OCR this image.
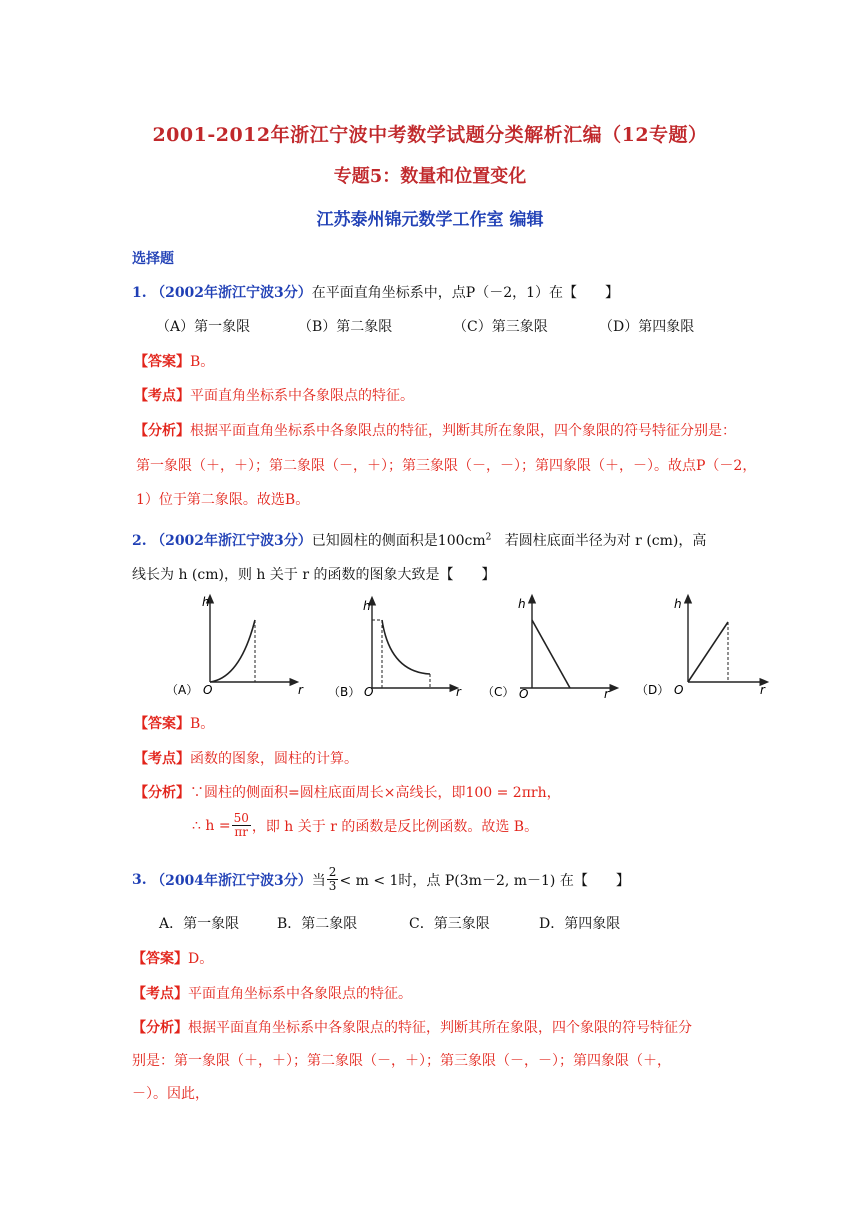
2001-2012年浙江宁波中考数学试题分类解析汇编（12专题）
专题5：数量和位置变化
江苏泰州锦元数学工作室 编辑
选择题
1. （2002年浙江宁波3分）在平面直角坐标系中，点P（－2，1）在【　　】
（A）第一象限	（B）第二象限	（C）第三象限	（D）第四象限
【答案】B。
【考点】平面直角坐标系中各象限点的特征。
【分析】根据平面直角坐标系中各象限点的特征，判断其所在象限，四个象限的符号特征分别是：
第一象限（＋，＋）；第二象限（－，＋）；第三象限（－，－）；第四象限（＋，－）。故点P（－2，
1）位于第二象限。故选B。
2. （2002年浙江宁波3分）已知圆柱的侧面积是$100cm^2$ 若圆柱底面半径为对 r (cm)，高
线长为 h (cm)，则 h 关于 r 的函数的图象大致是【　　】
h
r
O
（A）
h
r
O
（B）
h
r
O
（C）
h
r
O
（D）
【答案】B。
【考点】函数的图象，圆柱的计算。
【分析】∵圆柱的侧面积=圆柱底面周长×高线长，即100 = 2πrh，
∴ $h = \frac{50}{\pi r}$ ，即 h 关于 r 的函数是反比例函数。故选 B。
3.
（2004年浙江宁波3分） 当 $\frac{2}{3} < m < 1$时，点 P(3m－2, m－1) 在【　　】
A．第一象限	B．第二象限	C．第三象限	D．第四象限
【答案】D。
【考点】平面直角坐标系中各象限点的特征。
【分析】根据平面直角坐标系中各象限点的特征，判断其所在象限，四个象限的符号特征分
别是：第一象限（＋，＋）；第二象限（－，＋）；第三象限（－，－）；第四象限（＋，
－）。因此，
